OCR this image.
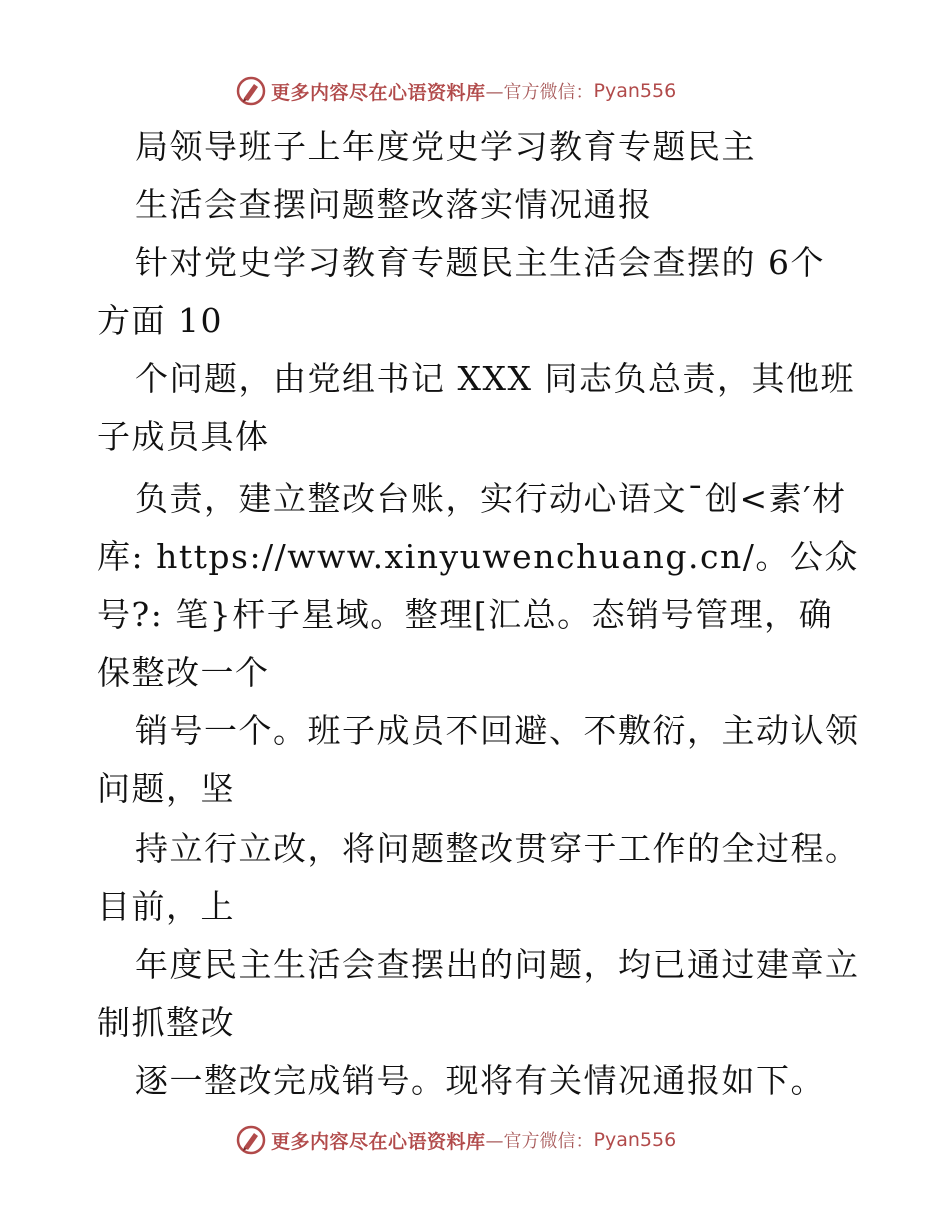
更多内容尽在心语资料库 —官方微信： Pyan556
局领导班子上年度党史学习教育专题民主
生活会查摆问题整改落实情况通报
针对党史学习教育专题民主生活会查摆的 6个
方面 10
个问题，由党组书记 XXX 同志负总责，其他班
子成员具体
负责，建立整改台账，实行动心语文¯创<素′材
库: https://www.xinyuwenchuang.cn/。公众
号?: 笔}杆子星域。整理[汇总。态销号管理，确
保整改一个
销号一个。班子成员不回避、不敷衍，主动认领
问题，坚
持立行立改，将问题整改贯穿于工作的全过程。
目前，上
年度民主生活会查摆出的问题，均已通过建章立
制抓整改
逐一整改完成销号。现将有关情况通报如下。
更多内容尽在心语资料库 —官方微信： Pyan556
